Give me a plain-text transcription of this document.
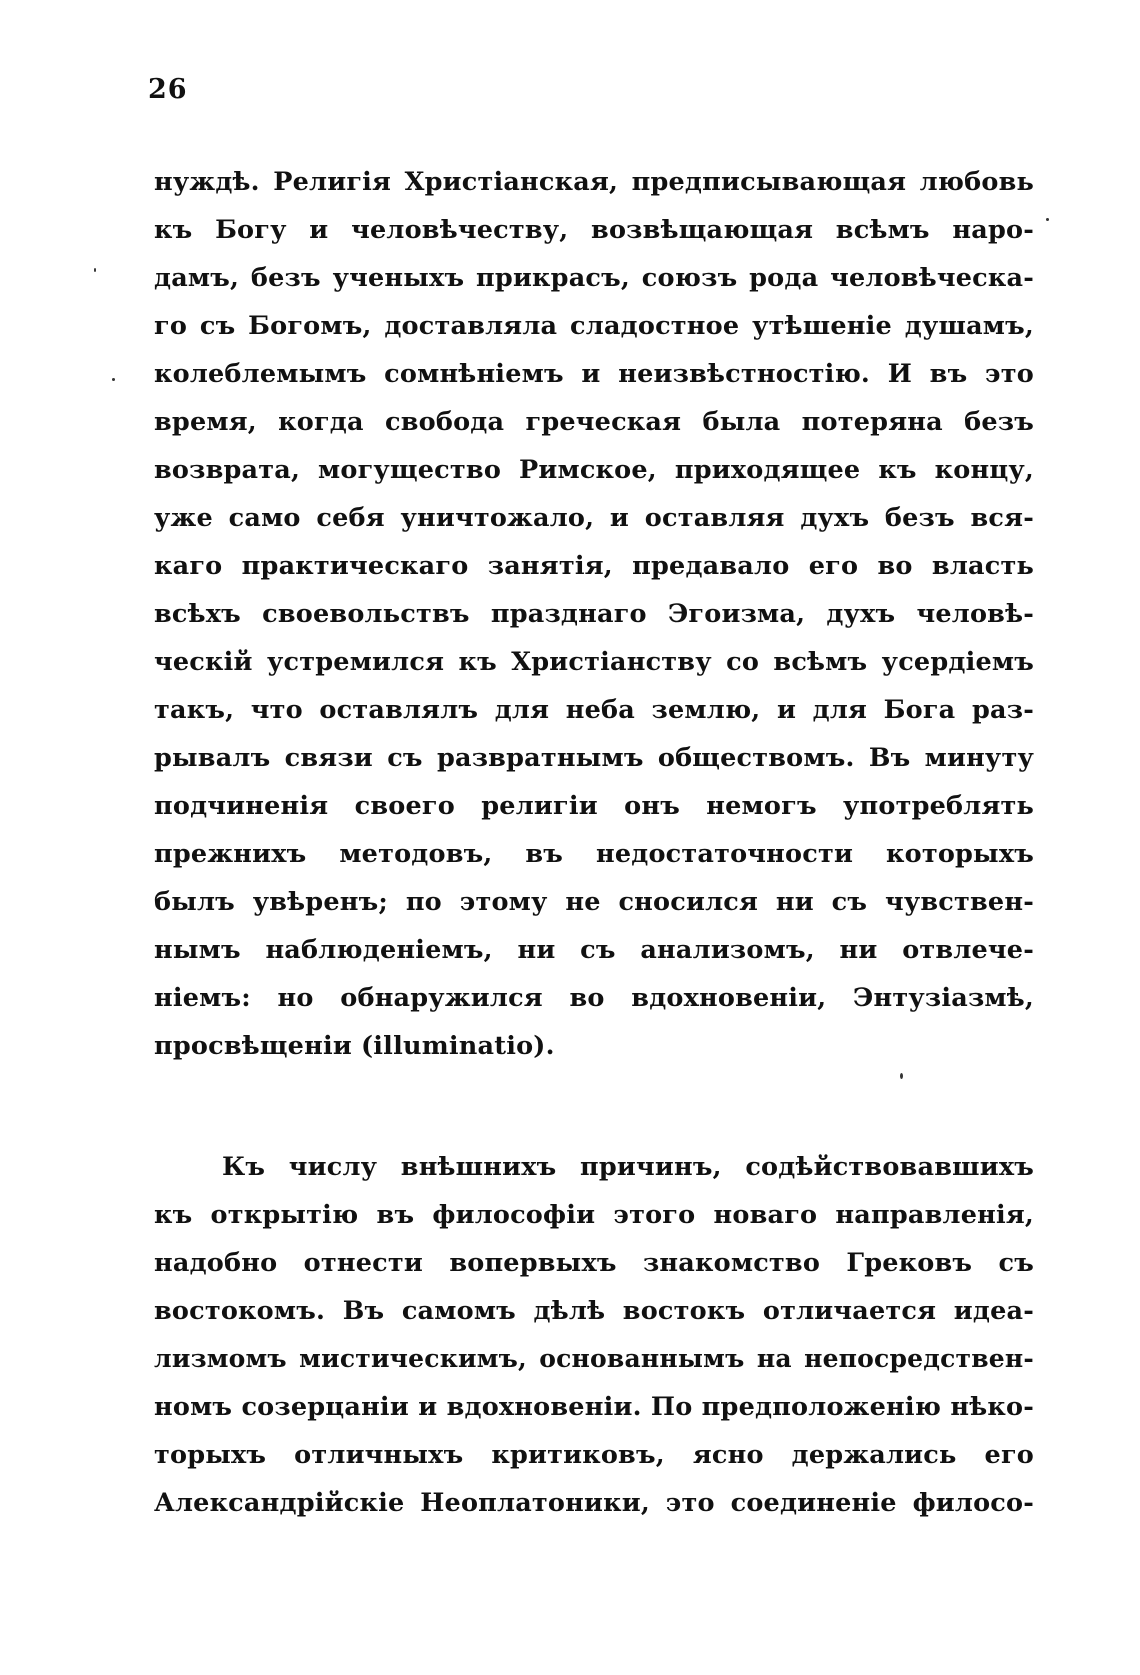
26
нуждѣ. Религія Христіанская, предписывающая любовь
къ Богу и человѣчеству, возвѣщающая всѣмъ наро-
дамъ, безъ ученыхъ прикрасъ, союзъ рода человѣческа-
го съ Богомъ, доставляла сладостное утѣшеніе душамъ,
колеблемымъ сомнѣніемъ и неизвѣстностію. И въ это
время, когда свобода греческая была потеряна безъ
возврата, могущество Римское, приходящее къ концу,
уже само себя уничтожало, и оставляя духъ безъ вся-
каго практическаго занятія, предавало его во власть
всѣхъ своевольствъ празднаго Эгоизма, духъ человѣ-
ческій устремился къ Христіанству со всѣмъ усердіемъ
такъ, что оставлялъ для неба землю, и для Бога раз-
рывалъ связи съ развратнымъ обществомъ. Въ минуту
подчиненія своего религіи онъ немогъ употреблять
прежнихъ методовъ, въ недостаточности которыхъ
былъ увѣренъ; по этому не сносился ни съ чувствен-
нымъ наблюденіемъ, ни съ анализомъ, ни отвлече-
ніемъ: но обнаружился во вдохновеніи, Энтузіазмѣ,
просвѣщеніи (illuminatio).
Къ числу внѣшнихъ причинъ, содѣйствовавшихъ
къ открытію въ философіи этого новаго направленія,
надобно отнести вопервыхъ знакомство Грековъ съ
востокомъ. Въ самомъ дѣлѣ востокъ отличается идеа-
лизмомъ мистическимъ, основаннымъ на непосредствен-
номъ созерцаніи и вдохновеніи. По предположенію нѣко-
торыхъ отличныхъ критиковъ, ясно держались его
Александрійскіе Неоплатоники, это соединеніе филосо-
